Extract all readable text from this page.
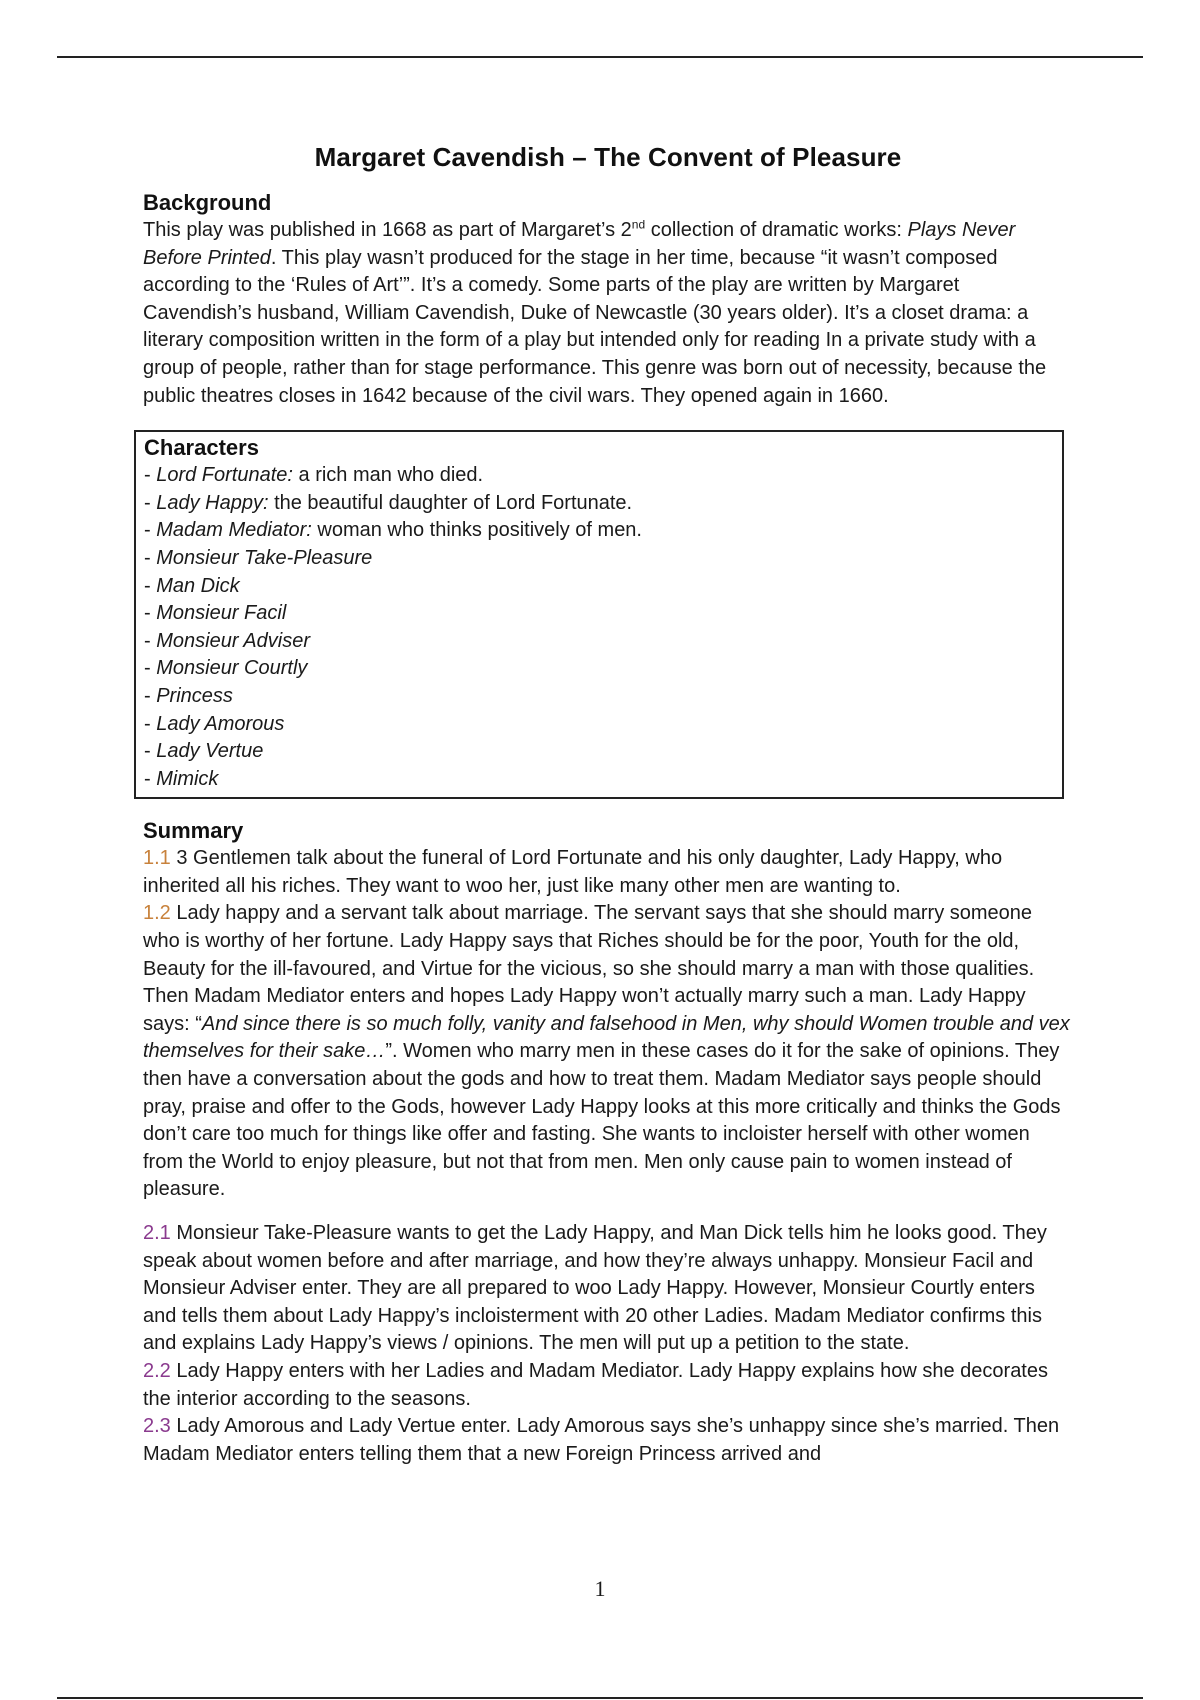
Margaret Cavendish – The Convent of Pleasure
Background

This play was published in 1668 as part of Margaret’s 2nd collection of dramatic works: Plays Never Before Printed. This play wasn’t produced for the stage in her time, because “it wasn’t composed according to the ‘Rules of Art’”. It’s a comedy. Some parts of the play are written by Margaret Cavendish’s husband, William Cavendish, Duke of Newcastle (30 years older). It’s a closet drama: a literary composition written in the form of a play but intended only for reading In a private study with a group of people, rather than for stage performance. This genre was born out of necessity, because the public theatres closes in 1642 because of the civil wars. They opened again in 1660.

Characters
- Lord Fortunate: a rich man who died.
- Lady Happy: the beautiful daughter of Lord Fortunate.
- Madam Mediator: woman who thinks positively of men.
- Monsieur Take-Pleasure
- Man Dick
- Monsieur Facil
- Monsieur Adviser
- Monsieur Courtly
- Princess
- Lady Amorous
- Lady Vertue
- Mimick
Summary

1.1 3 Gentlemen talk about the funeral of Lord Fortunate and his only daughter, Lady Happy, who inherited all his riches. They want to woo her, just like many other men are wanting to.

1.2 Lady happy and a servant talk about marriage. The servant says that she should marry someone who is worthy of her fortune. Lady Happy says that Riches should be for the poor, Youth for the old, Beauty for the ill-favoured, and Virtue for the vicious, so she should marry a man with those qualities. Then Madam Mediator enters and hopes Lady Happy won’t actually marry such a man. Lady Happy says: “And since there is so much folly, vanity and falsehood in Men, why should Women trouble and vex themselves for their sake…”. Women who marry men in these cases do it for the sake of opinions. They then have a conversation about the gods and how to treat them. Madam Mediator says people should pray, praise and offer to the Gods, however Lady Happy looks at this more critically and thinks the Gods don’t care too much for things like offer and fasting. She wants to incloister herself with other women from the World to enjoy pleasure, but not that from men. Men only cause pain to women instead of pleasure.

2.1 Monsieur Take-Pleasure wants to get the Lady Happy, and Man Dick tells him he looks good. They speak about women before and after marriage, and how they’re always unhappy. Monsieur Facil and Monsieur Adviser enter. They are all prepared to woo Lady Happy. However, Monsieur Courtly enters and tells them about Lady Happy’s incloisterment with 20 other Ladies. Madam Mediator confirms this and explains Lady Happy’s views / opinions. The men will put up a petition to the state.

2.2 Lady Happy enters with her Ladies and Madam Mediator. Lady Happy explains how she decorates the interior according to the seasons.

2.3 Lady Amorous and Lady Vertue enter. Lady Amorous says she’s unhappy since she’s married. Then Madam Mediator enters telling them that a new Foreign Princess arrived and

1
